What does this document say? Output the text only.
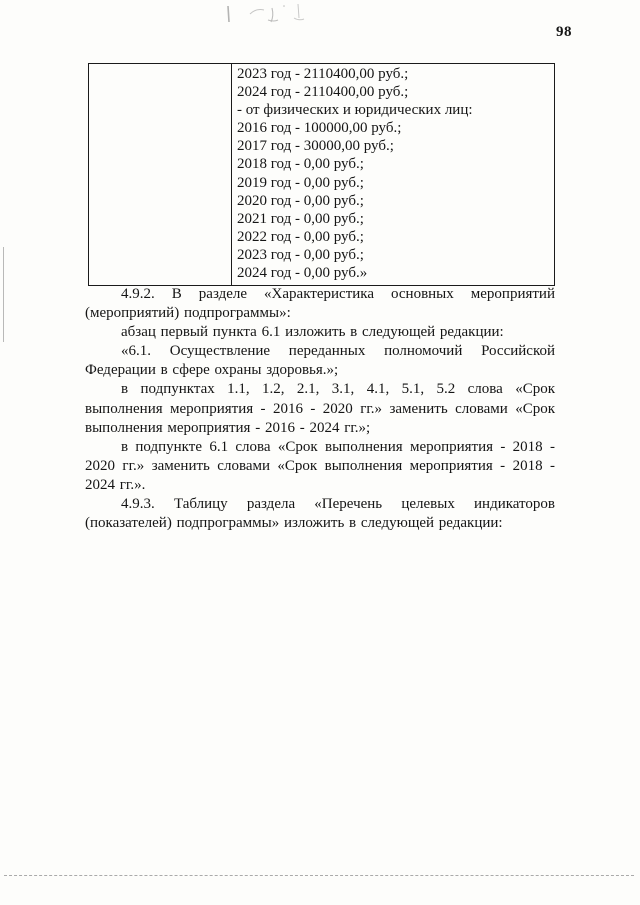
98
2023 год - 2110400,00 руб.;
2024 год - 2110400,00 руб.;
- от физических и юридических лиц:
2016 год - 100000,00 руб.;
2017 год - 30000,00 руб.;
2018 год - 0,00 руб.;
2019 год - 0,00 руб.;
2020 год - 0,00 руб.;
2021 год - 0,00 руб.;
2022 год - 0,00 руб.;
2023 год - 0,00 руб.;
2024 год - 0,00 руб.»

4.9.2. В разделе «Характеристика основных мероприятий (мероприятий) подпрограммы»:

абзац первый пункта 6.1 изложить в следующей редакции:

«6.1. Осуществление переданных полномочий Российской Федерации в сфере охраны здоровья.»;

в подпунктах 1.1, 1.2, 2.1, 3.1, 4.1, 5.1, 5.2 слова «Срок выполнения мероприятия - 2016 - 2020 гг.» заменить словами «Срок выполнения мероприятия - 2016 - 2024 гг.»;

в подпункте 6.1 слова «Срок выполнения мероприятия - 2018 - 2020 гг.» заменить словами «Срок выполнения мероприятия - 2018 - 2024 гг.».

4.9.3. Таблицу раздела «Перечень целевых индикаторов (показателей) подпрограммы» изложить в следующей редакции:
